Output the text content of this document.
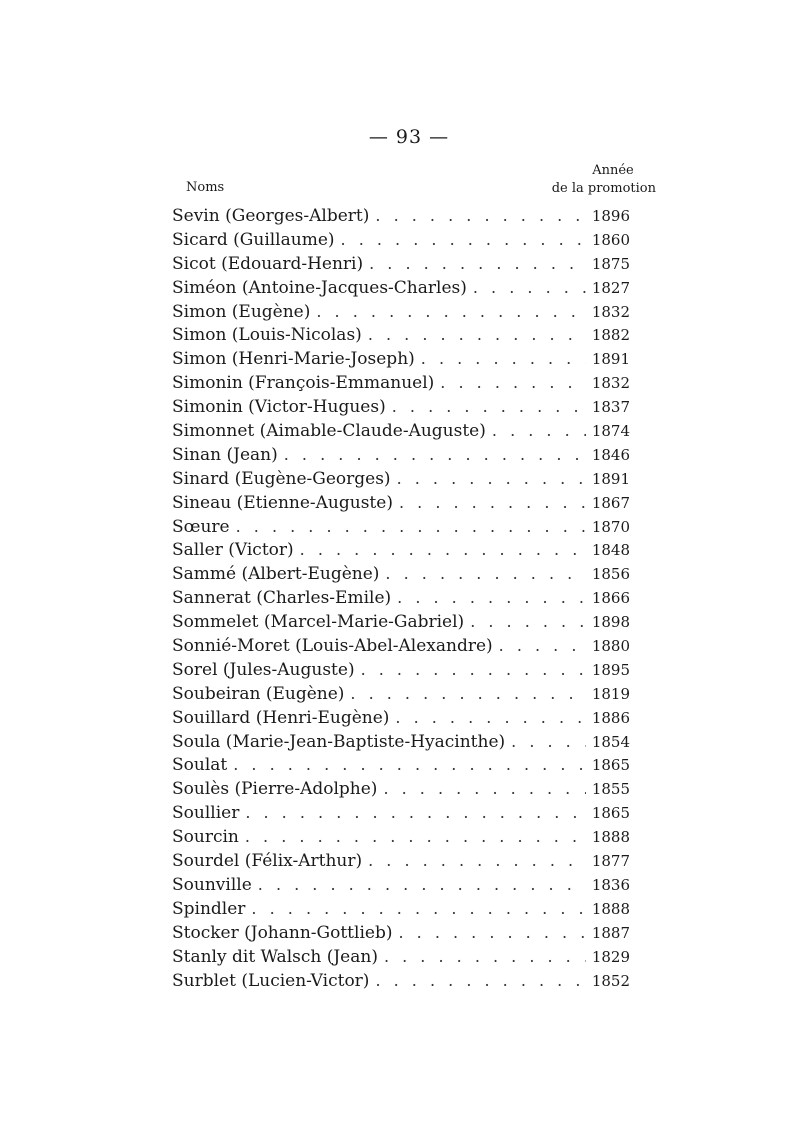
— 93 —
Noms
Année
de la promotion
Sevin (Georges-Albert) . . .	1896
Sicard (Guillaume) . . .	1860
Sicot (Edouard-Henri) . . .	1875
Siméon (Antoine-Jacques-Charles) . . .	1827
Simon (Eugène) . . .	1832
Simon (Louis-Nicolas) . . .	1882
Simon (Henri-Marie-Joseph) . . .	1891
Simonin (François-Emmanuel) . . .	1832
Simonin (Victor-Hugues) . . .	1837
Simonnet (Aimable-Claude-Auguste) . . .	1874
Sinan (Jean) . . .	1846
Sinard (Eugène-Georges) . . .	1891
Sineau (Etienne-Auguste) . . .	1867
Sœure . . .	1870
Saller (Victor) . . .	1848
Sammé (Albert-Eugène) . . .	1856
Sannerat (Charles-Emile) . . .	1866
Sommelet (Marcel-Marie-Gabriel) . . .	1898
Sonnié-Moret (Louis-Abel-Alexandre) . . .	1880
Sorel (Jules-Auguste) . . .	1895
Soubeiran (Eugène) . . .	1819
Souillard (Henri-Eugène) . . .	1886
Soula (Marie-Jean-Baptiste-Hyacinthe) . . .	1854
Soulat . . .	1865
Soulès (Pierre-Adolphe) . . .	1855
Soullier . . .	1865
Sourcin . . .	1888
Sourdel (Félix-Arthur) . . .	1877
Sounville . . .	1836
Spindler . . .	1888
Stocker (Johann-Gottlieb) . . .	1887
Stanly dit Walsch (Jean) . . .	1829
Surblet (Lucien-Victor) . . .	1852
